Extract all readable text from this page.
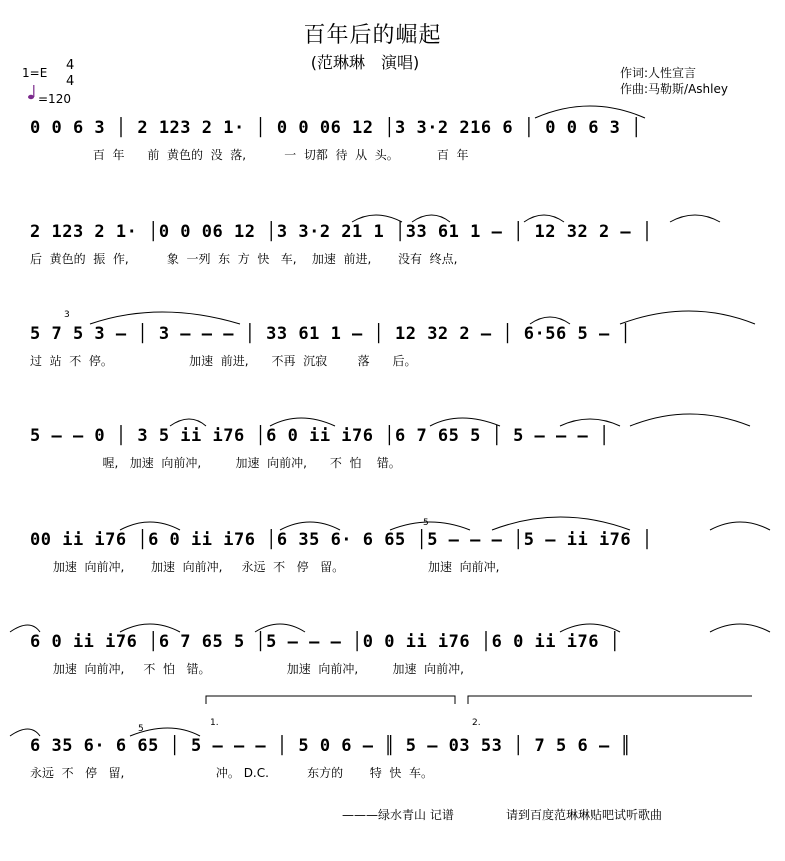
百年后的崛起
(范琳琳　演唱)
1=E 4
4
=120
作词:人性宣言
作曲:马勒斯/Ashley
0 0 6 3 │ 2 123 2 1· │ 0 0 06 12 │3 3·2 216 6 │ 0 0 6 3 │
百  年      前  黄色的  没  落,          一  切都  待  从  头。          百  年
2 123 2 1· │0 0 06 12 │3 3·2 21 1 │33 61 1 – │ 12 32 2 – │
后  黄色的  振  作,          象  一列  东  方  快   车,    加速  前进,       没有  终点,
3
5 7 5 3 – │ 3 – – – │ 33 61 1 – │ 12 32 2 – │ 6·56 5 – │
过  站  不  停。                    加速  前进,      不再  沉寂        落      后。
5 – – 0 │ 3 5 ii i76 │6 0 ii i76 │6 7 65 5 │ 5 – – – │
喔,   加速  向前冲,         加速  向前冲,      不  怕    错。
5
00 ii i76 │6 0 ii i76 │6 35 6· 6 65 │5 – – – │5 – ii i76 │
加速  向前冲,       加速  向前冲,     永远  不   停   留。                      加速  向前冲,
6 0 ii i76 │6 7 65 5 │5 – – – │0 0 ii i76 │6 0 ii i76 │
加速  向前冲,     不  怕   错。                    加速  向前冲,         加速  向前冲,
1.	2.
5
6 35 6· 6 65 │ 5 – – – │ 5 0 6 – ║ 5 – 03 53 │ 7 5 6 – ║
永远  不   停   留,                        冲。 D.C.          东方的       特  快  车。
———绿水青山 记谱	请到百度范琳琳贴吧试听歌曲
